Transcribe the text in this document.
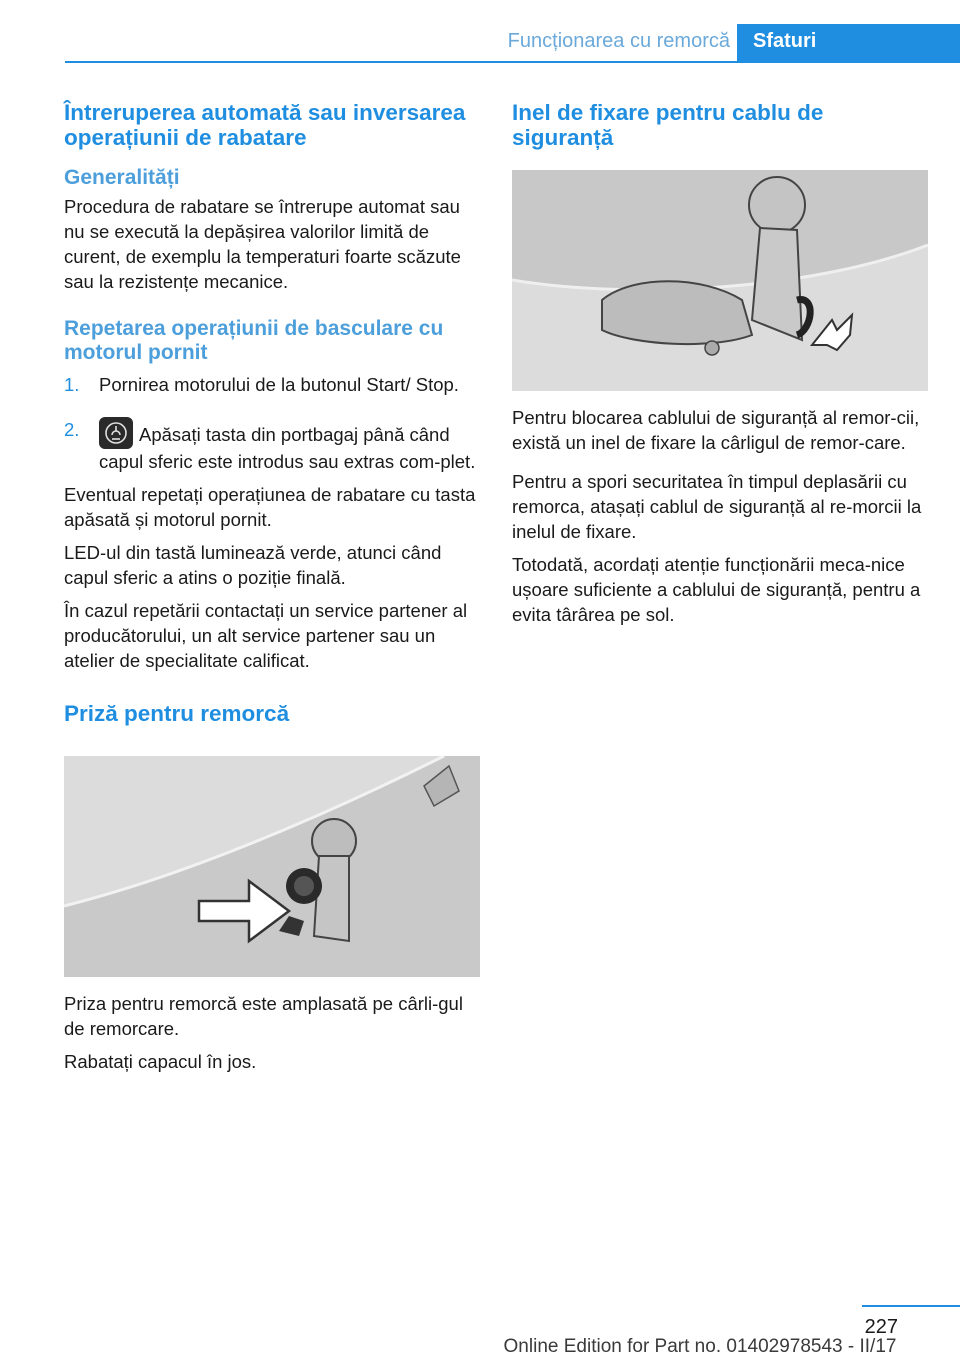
Funcționarea cu remorcă	Sfaturi
Întreruperea automată sau inversarea operațiunii de rabatare
Generalități

Procedura de rabatare se întrerupe automat sau nu se execută la depășirea valorilor limită de curent, de exemplu la temperaturi foarte scăzute sau la rezistențe mecanice.

Repetarea operațiunii de basculare cu motorul pornit
1. Pornirea motorului de la butonul Start/ Stop.
2.	Apăsați tasta din portbagaj până când capul sferic este introdus sau extras com-plet.

Eventual repetați operațiunea de rabatare cu tasta apăsată și motorul pornit.

LED-ul din tastă luminează verde, atunci când capul sferic a atins o poziție finală.

În cazul repetării contactați un service partener al producătorului, un alt service partener sau un atelier de specialitate calificat.

Priză pentru remorcă

Priza pentru remorcă este amplasată pe cârli-gul de remorcare.

Rabatați capacul în jos.

Inel de fixare pentru cablu de siguranță

Pentru blocarea cablului de siguranță al remor-cii, există un inel de fixare la cârligul de remor-care.

Pentru a spori securitatea în timpul deplasării cu remorca, atașați cablul de siguranță al re-morcii la inelul de fixare.

Totodată, acordați atenție funcționării meca-nice ușoare suficiente a cablului de siguranță, pentru a evita târârea pe sol.

227
Online Edition for Part no. 01402978543 - II/17
